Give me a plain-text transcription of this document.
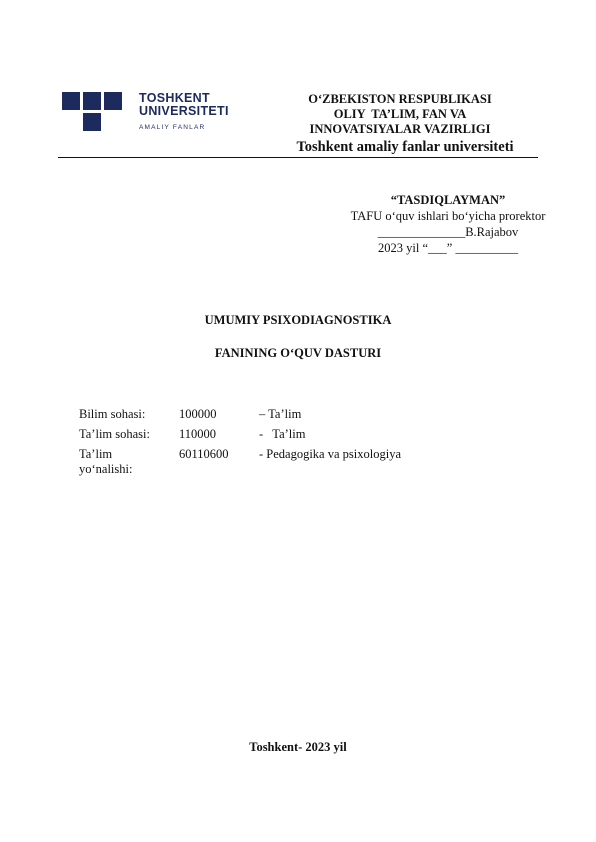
TOSHKENT
UNIVERSITETI
AMALIY FANLAR
O‘ZBEKISTON RESPUBLIKASI
OLIY  TA’LIM, FAN VA
INNOVATSIYALAR VAZIRLIGI
Toshkent amaliy fanlar universiteti
“TASDIQLAYMAN”
TAFU o‘quv ishlari bo‘yicha prorektor
______________B.Rajabov
2023 yil “___” __________
UMUMIY PSIXODIAGNOSTIKA
FANINING O‘QUV DASTURI
Bilim sohasi:	100000	– Ta’lim
Ta’lim sohasi:	110000	-   Ta’lim
Ta’lim yo‘nalishi:	60110600	- Pedagogika va psixologiya
Toshkent- 2023 yil
